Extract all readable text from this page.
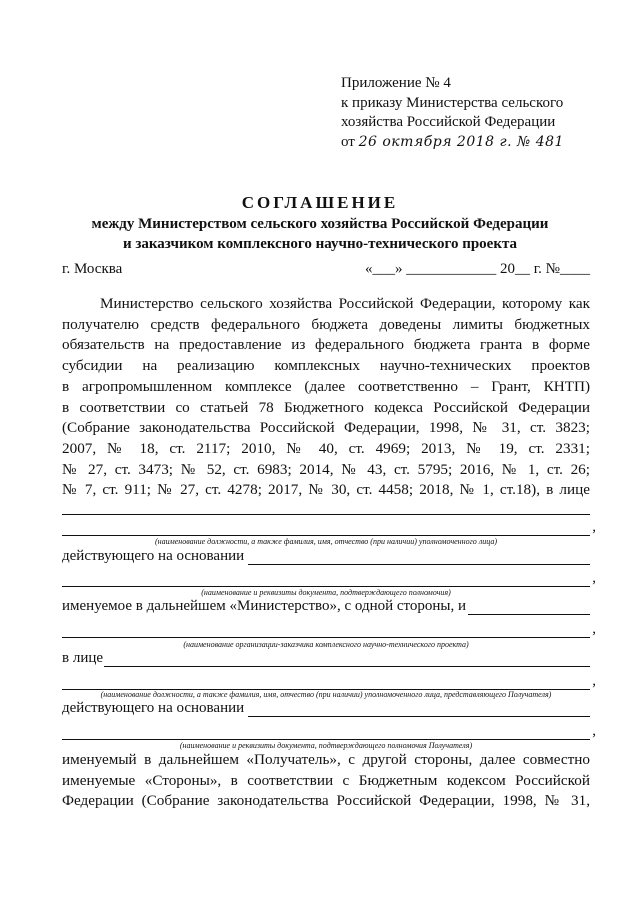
Приложение № 4
к приказу Министерства сельского
хозяйства Российской Федерации
от 26 октября 2018 г. № 481
СОГЛАШЕНИЕ
между Министерством сельского хозяйства Российской Федерации
и заказчиком комплексного научно-технического проекта
г. Москва	«___» ____________ 20__ г. №____
Министерство сельского хозяйства Российской Федерации, которому как
получателю средств федерального бюджета доведены лимиты бюджетных
обязательств на предоставление из федерального бюджета гранта в форме
субсидии на реализацию комплексных научно-технических проектов
в агропромышленном комплексе (далее соответственно – Грант, КНТП)
в соответствии со статьей 78 Бюджетного кодекса Российской Федерации
(Собрание законодательства Российской Федерации, 1998, № 31, ст. 3823;
2007, № 18, ст. 2117; 2010, № 40, ст. 4969; 2013, № 19, ст. 2331;
№ 27, ст. 3473; № 52, ст. 6983; 2014, № 43, ст. 5795; 2016, № 1, ст. 26;
№ 7, ст. 911; № 27, ст. 4278; 2017, № 30, ст. 4458; 2018, № 1, ст.18), в лице
,
(наименование должности, а также фамилия, имя, отчество (при наличии) уполномоченного лица)
действующего на основании
,
(наименование и реквизиты документа, подтверждающего полномочия)
именуемое в дальнейшем «Министерство», с одной стороны, и
,
(наименование организации-заказчика комплексного научно-технического проекта)
в лице
,
(наименование должности, а также фамилия, имя, отчество (при наличии) уполномоченного лица, представляющего Получателя)
действующего на основании
,
(наименование и реквизиты документа, подтверждающего полномочия Получателя)
именуемый в дальнейшем «Получатель», с другой стороны, далее совместно
именуемые «Стороны», в соответствии с Бюджетным кодексом Российской
Федерации (Собрание законодательства Российской Федерации, 1998, № 31,
